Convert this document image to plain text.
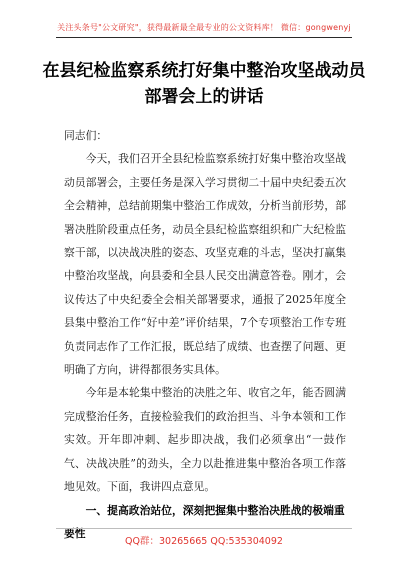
关注头条号"公文研究"，获得最新最全最专业的公文资料库！ 微信：gongwenyj
在县纪检监察系统打好集中整治攻坚战动员部署会上的讲话

同志们：

今天，我们召开全县纪检监察系统打好集中整治攻坚战动员部署会，主要任务是深入学习贯彻二十届中央纪委五次全会精神，总结前期集中整治工作成效，分析当前形势，部署决胜阶段重点任务，动员全县纪检监察组织和广大纪检监察干部，以决战决胜的姿态、攻坚克难的斗志，坚决打赢集中整治攻坚战，向县委和全县人民交出满意答卷。刚才，会议传达了中央纪委全会相关部署要求，通报了2025年度全县集中整治工作“好中差”评价结果，7个专项整治工作专班负责同志作了工作汇报，既总结了成绩、也查摆了问题、更明确了方向，讲得都很务实具体。

今年是本轮集中整治的决胜之年、收官之年，能否圆满完成整治任务，直接检验我们的政治担当、斗争本领和工作实效。开年即冲刺、起步即决战，我们必须拿出“一鼓作气、决战决胜”的劲头，全力以赴推进集中整治各项工作落地见效。下面，我讲四点意见。

一、提高政治站位，深刻把握集中整治决胜战的极端重要性

QQ群：30265665 QQ:535304092
